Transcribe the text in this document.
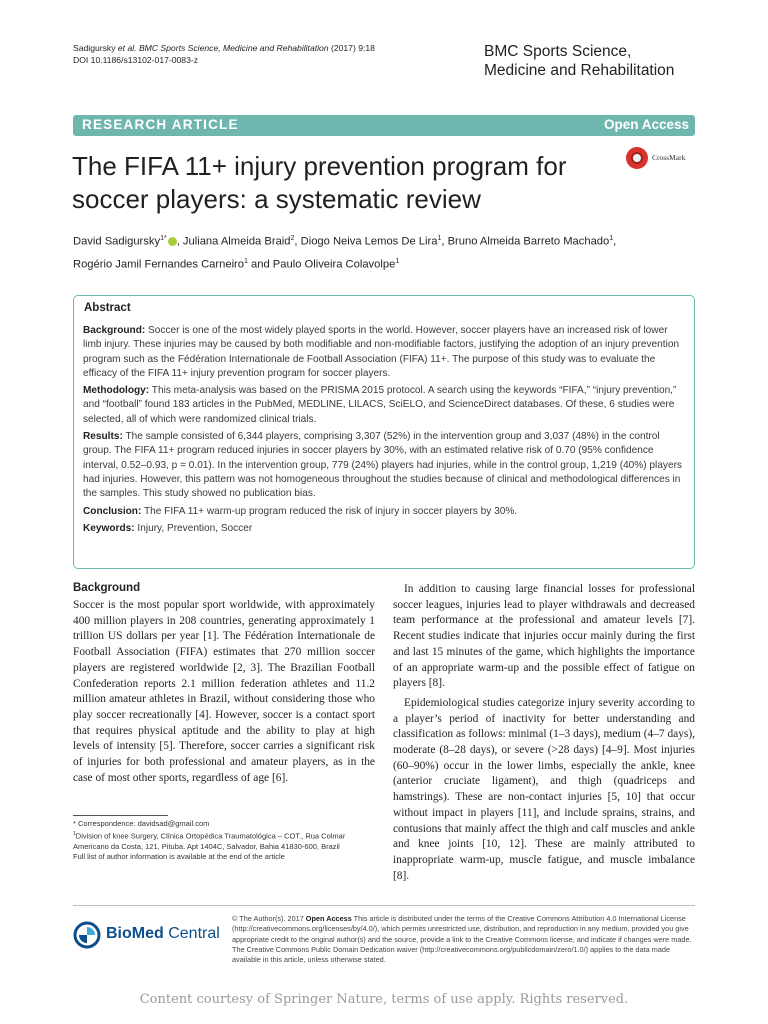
Sadigursky et al. BMC Sports Science, Medicine and Rehabilitation (2017) 9:18
DOI 10.1186/s13102-017-0083-z	BMC Sports Science,
Medicine and Rehabilitation
RESEARCH ARTICLE	Open Access
The FIFA 11+ injury prevention program for soccer players: a systematic review
CrossMark
David Sadigursky$^{1*}$ , Juliana Almeida Braid$^2$, Diogo Neiva Lemos De Lira$^1$, Bruno Almeida Barreto Machado$^1$,
Rogério Jamil Fernandes Carneiro$^1$ and Paulo Oliveira Colavolpe$^1$
Abstract

Background: Soccer is one of the most widely played sports in the world. However, soccer players have an increased risk of lower limb injury. These injuries may be caused by both modifiable and non-modifiable factors, justifying the adoption of an injury prevention program such as the Fédération Internationale de Football Association (FIFA) 11+. The purpose of this study was to evaluate the efficacy of the FIFA 11+ injury prevention program for soccer players.

Methodology: This meta-analysis was based on the PRISMA 2015 protocol. A search using the keywords “FIFA,” “injury prevention,” and “football” found 183 articles in the PubMed, MEDLINE, LILACS, SciELO, and ScienceDirect databases. Of these, 6 studies were selected, all of which were randomized clinical trials.

Results: The sample consisted of 6,344 players, comprising 3,307 (52%) in the intervention group and 3,037 (48%) in the control group. The FIFA 11+ program reduced injuries in soccer players by 30%, with an estimated relative risk of 0.70 (95% confidence interval, 0.52–0.93, p = 0.01). In the intervention group, 779 (24%) players had injuries, while in the control group, 1,219 (40%) players had injuries. However, this pattern was not homogeneous throughout the studies because of clinical and methodological differences in the samples. This study showed no publication bias.

Conclusion: The FIFA 11+ warm-up program reduced the risk of injury in soccer players by 30%.

Keywords: Injury, Prevention, Soccer

Background

Soccer is the most popular sport worldwide, with approximately 400 million players in 208 countries, generating approximately 1 trillion US dollars per year [1]. The Fédération Internationale de Football Association (FIFA) estimates that 270 million soccer players are registered worldwide [2, 3]. The Brazilian Football Confederation reports 2.1 million federation athletes and 11.2 million amateur athletes in Brazil, without considering those who play soccer recreationally [4]. However, soccer is a contact sport that requires physical aptitude and the ability to play at high levels of intensity [5]. Therefore, soccer carries a significant risk of injuries for both professional and amateur players, as in the case of most other sports, regardless of age [6].

In addition to causing large financial losses for professional soccer leagues, injuries lead to player withdrawals and decreased team performance at the professional and amateur levels [7]. Recent studies indicate that injuries occur mainly during the first and last 15 minutes of the game, which highlights the importance of an appropriate warm-up and the possible effect of fatigue on players [8].

Epidemiological studies categorize injury severity according to a player’s period of inactivity for better understanding and classification as follows: minimal (1–3 days), medium (4–7 days), moderate (8–28 days), or severe (>28 days) [4–9]. Most injuries (60–90%) occur in the lower limbs, especially the ankle, knee (anterior cruciate ligament), and thigh (quadriceps and hamstrings). These are non-contact injuries [5, 10] that occur without impact in players [11], and include sprains, strains, and contusions that mainly affect the thigh and calf muscles and ankle and knee joints [10, 12]. These are mainly attributed to inappropriate warm-up, muscle fatigue, and muscle imbalance [8].

* Correspondence: davidsad@gmail.com
$^1$Division of knee Surgery, Clínica Ortopédica Traumatológica – COT., Rua Colmar Americano da Costa, 121, Pituba. Apt 1404C, Salvador, Bahia 41830-600, Brazil
Full list of author information is available at the end of the article
BioMed Central
© The Author(s). 2017 Open Access This article is distributed under the terms of the Creative Commons Attribution 4.0 International License (http://creativecommons.org/licenses/by/4.0/), which permits unrestricted use, distribution, and reproduction in any medium, provided you give appropriate credit to the original author(s) and the source, provide a link to the Creative Commons license, and indicate if changes were made. The Creative Commons Public Domain Dedication waiver (http://creativecommons.org/publicdomain/zero/1.0/) applies to the data made available in this article, unless otherwise stated.
Content courtesy of Springer Nature, terms of use apply. Rights reserved.
